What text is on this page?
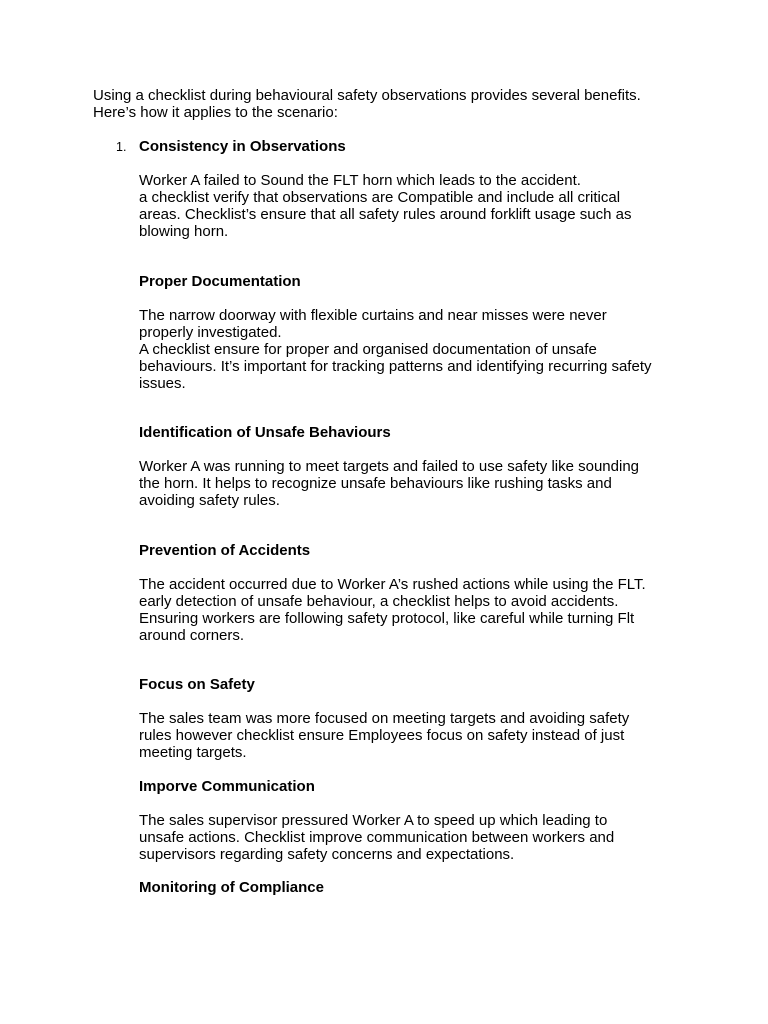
Using a checklist during behavioural safety observations provides several benefits.
Here’s how it applies to the scenario:

1. Consistency in Observations

Worker A failed to Sound the FLT horn which leads to the accident.
a checklist verify that observations are Compatible and include all critical
areas. Checklist’s ensure that all safety rules around forklift usage such as
blowing horn.

Proper Documentation

The narrow doorway with flexible curtains and near misses were never
properly investigated.
A checklist ensure for proper and organised documentation of unsafe
behaviours. It’s important for tracking patterns and identifying recurring safety
issues.

Identification of Unsafe Behaviours

Worker A was running to meet targets and failed to use safety like sounding
the horn. It helps to recognize unsafe behaviours like rushing tasks and
avoiding safety rules.

Prevention of Accidents

The accident occurred due to Worker A’s rushed actions while using the FLT.
early detection of unsafe behaviour, a checklist helps to avoid accidents.
Ensuring workers are following safety protocol, like careful while turning Flt
around corners.

Focus on Safety

The sales team was more focused on meeting targets and avoiding safety
rules however checklist ensure Employees focus on safety instead of just
meeting targets.

Imporve Communication

The sales supervisor pressured Worker A to speed up which leading to
unsafe actions. Checklist improve communication between workers and
supervisors regarding safety concerns and expectations.

Monitoring of Compliance
